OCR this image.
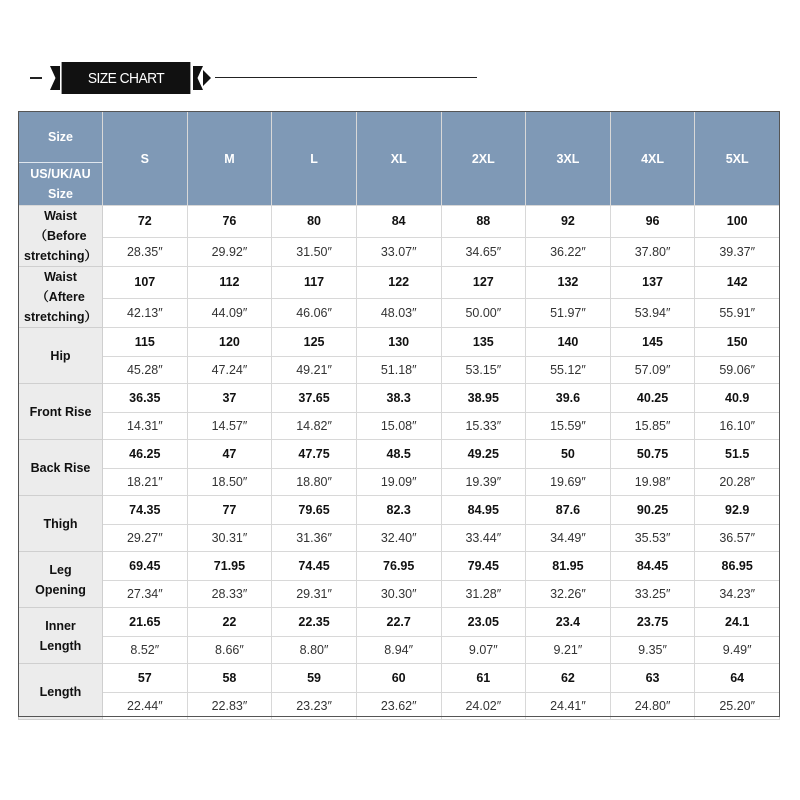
SIZE CHART
Size
US/UK/AU Size	S	M	L	XL	2XL	3XL	4XL	5XL
Waist
（Before stretching）	72	76	80	84	88	92	96	100
	28.35″	29.92″	31.50″	33.07″	34.65″	36.22″	37.80″	39.37″
Waist
（Aftere stretching）	107	112	117	122	127	132	137	142
	42.13″	44.09″	46.06″	48.03″	50.00″	51.97″	53.94″	55.91″
Hip	115	120	125	130	135	140	145	150
	45.28″	47.24″	49.21″	51.18″	53.15″	55.12″	57.09″	59.06″
Front Rise	36.35	37	37.65	38.3	38.95	39.6	40.25	40.9
	14.31″	14.57″	14.82″	15.08″	15.33″	15.59″	15.85″	16.10″
Back Rise	46.25	47	47.75	48.5	49.25	50	50.75	51.5
	18.21″	18.50″	18.80″	19.09″	19.39″	19.69″	19.98″	20.28″
Thigh	74.35	77	79.65	82.3	84.95	87.6	90.25	92.9
	29.27″	30.31″	31.36″	32.40″	33.44″	34.49″	35.53″	36.57″
Leg
Opening	69.45	71.95	74.45	76.95	79.45	81.95	84.45	86.95
	27.34″	28.33″	29.31″	30.30″	31.28″	32.26″	33.25″	34.23″
Inner
Length	21.65	22	22.35	22.7	23.05	23.4	23.75	24.1
	8.52″	8.66″	8.80″	8.94″	9.07″	9.21″	9.35″	9.49″
Length	57	58	59	60	61	62	63	64
	22.44″	22.83″	23.23″	23.62″	24.02″	24.41″	24.80″	25.20″
